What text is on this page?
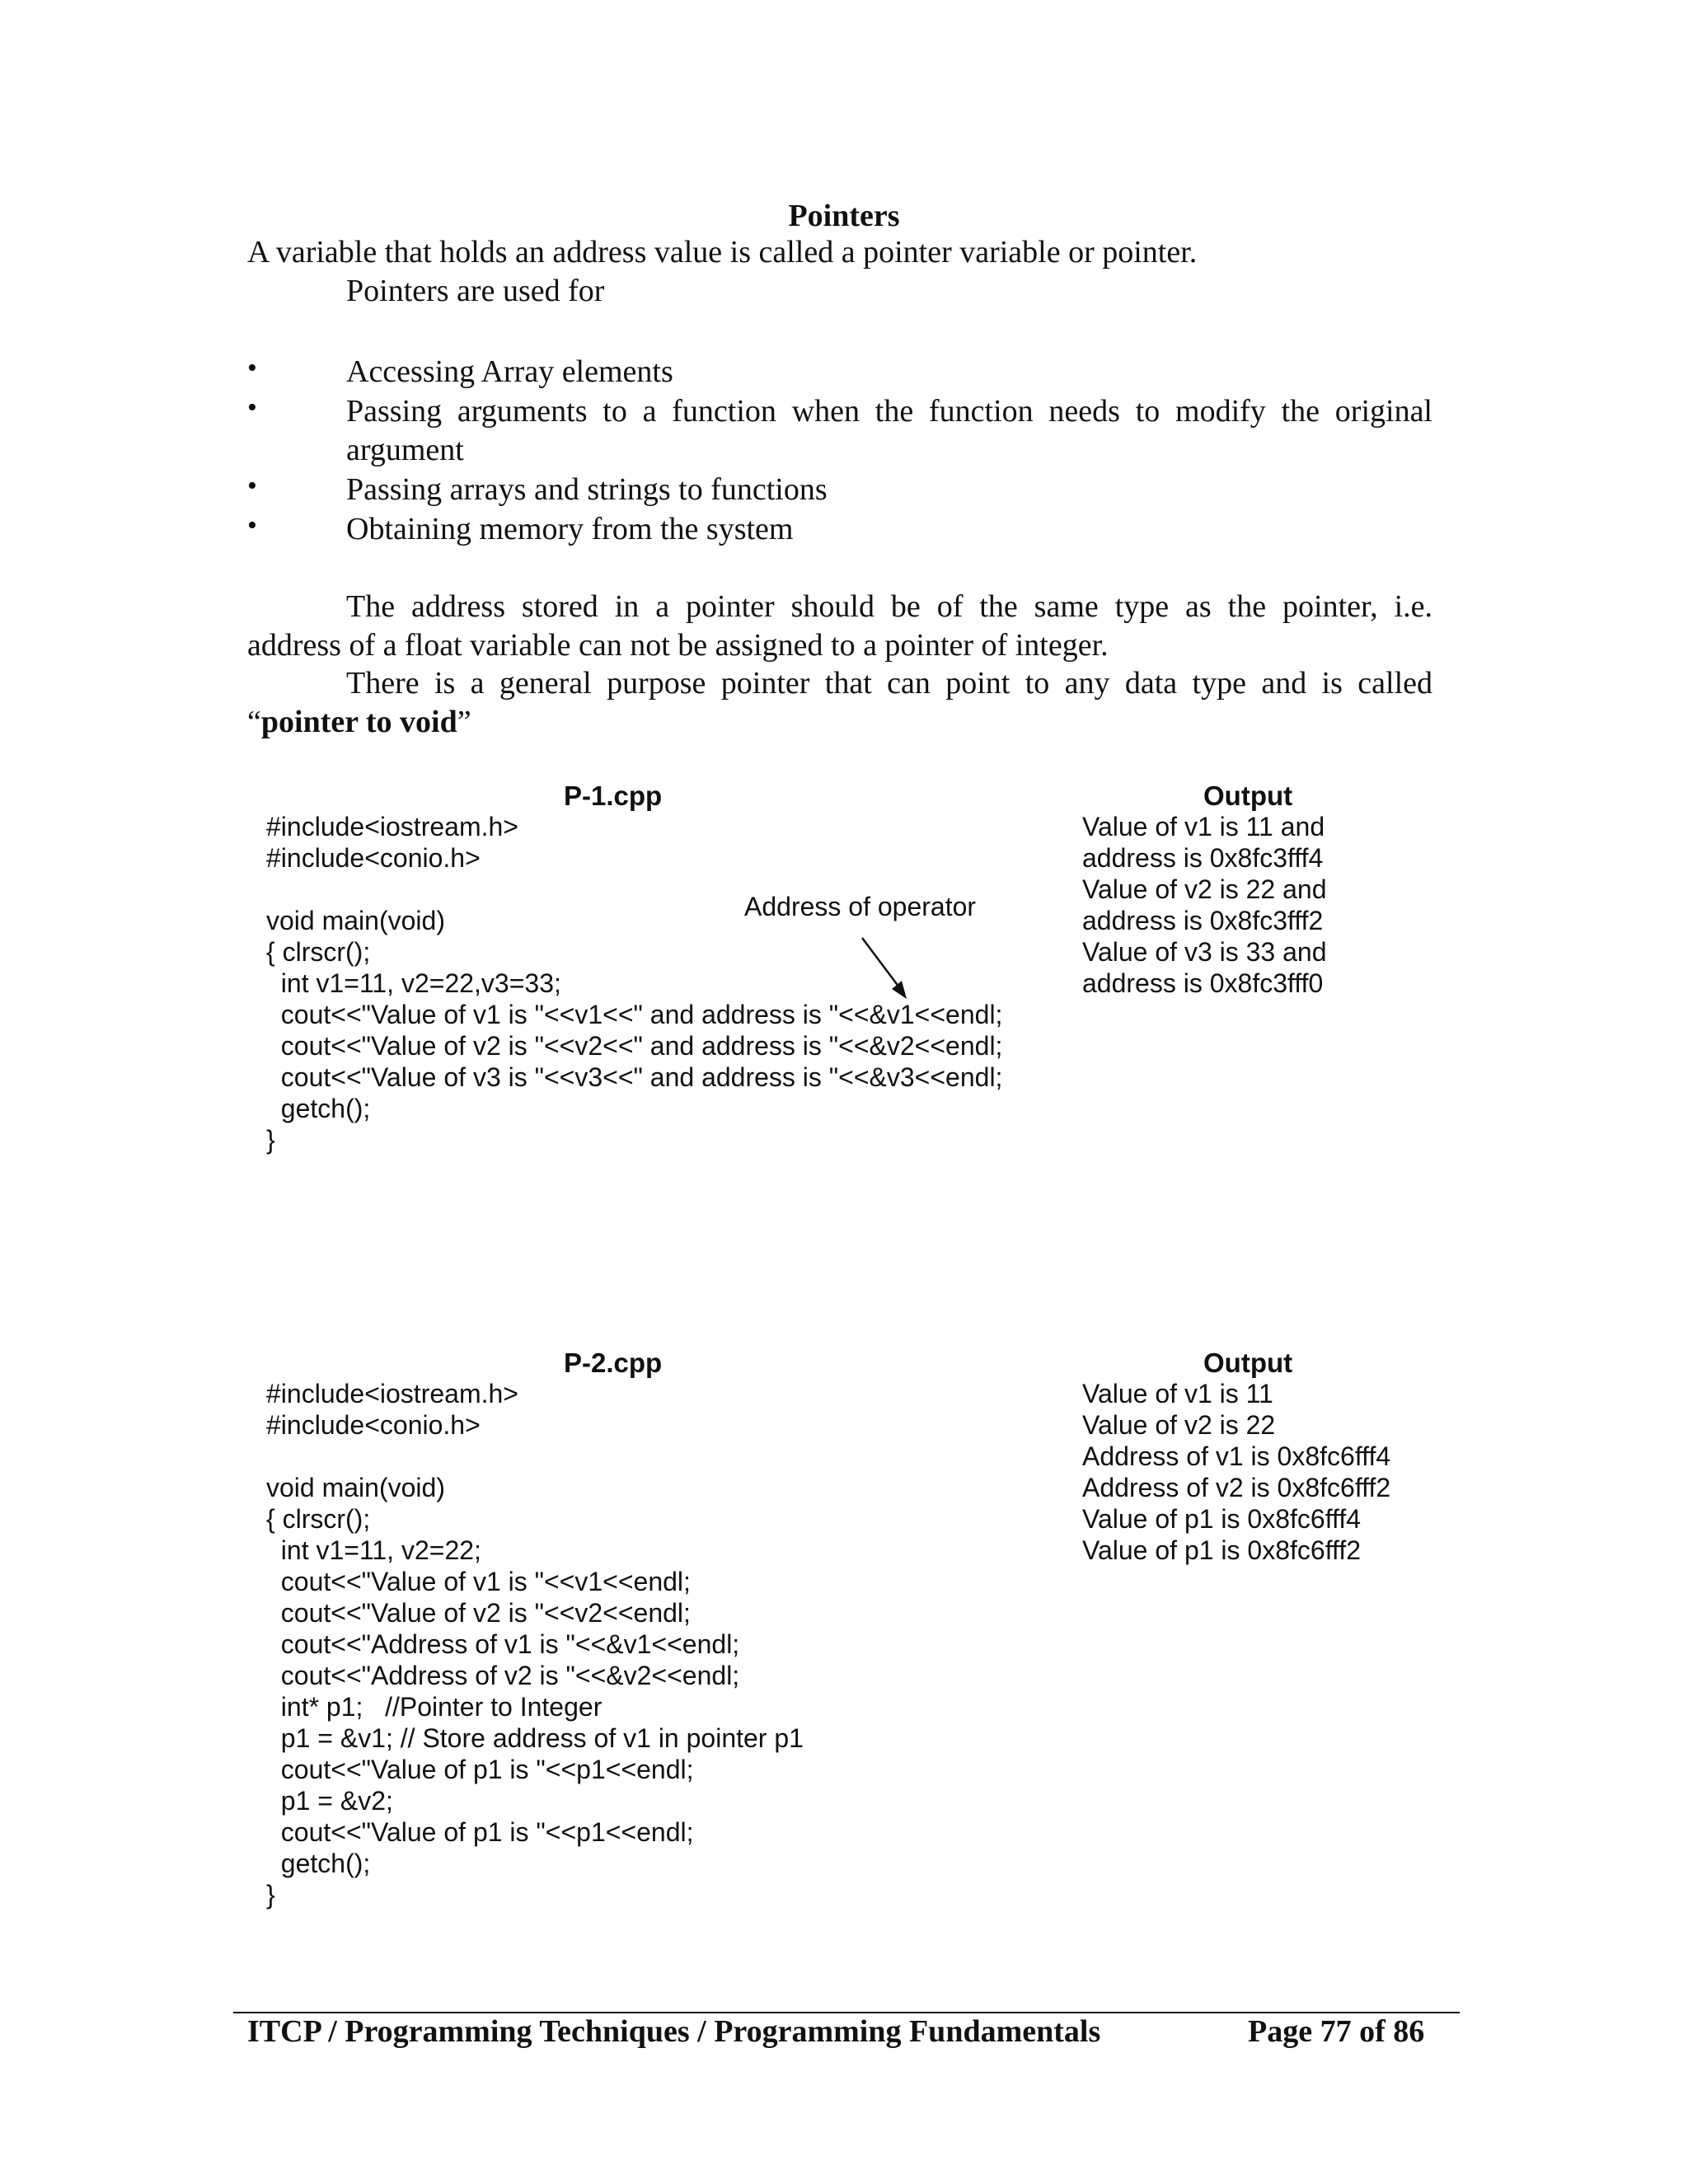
Pointers
A variable that holds an address value is called a pointer variable or pointer.
Pointers are used for
•	Accessing Array elements
•	Passing arguments to a function when the function needs to modify the original
argument
•	Passing arrays and strings to functions
•	Obtaining memory from the system
The address stored in a pointer should be of the same type as the pointer, i.e.
address of a float variable can not be assigned to a pointer of integer.
There is a general purpose pointer that can point to any data type and is called
“pointer to void”
P-1.cpp	Output
#include<iostream.h>
#include<conio.h>
void main(void)
{ clrscr();
int v1=11, v2=22,v3=33;
cout<<"Value of v1 is "<<v1<<" and address is "<<&v1<<endl;
cout<<"Value of v2 is "<<v2<<" and address is "<<&v2<<endl;
cout<<"Value of v3 is "<<v3<<" and address is "<<&v3<<endl;
getch();
}
Address of operator
Value of v1 is 11 and
address is 0x8fc3fff4
Value of v2 is 22 and
address is 0x8fc3fff2
Value of v3 is 33 and
address is 0x8fc3fff0
P-2.cpp	Output
#include<iostream.h>
#include<conio.h>
void main(void)
{ clrscr();
int v1=11, v2=22;
cout<<"Value of v1 is "<<v1<<endl;
cout<<"Value of v2 is "<<v2<<endl;
cout<<"Address of v1 is "<<&v1<<endl;
cout<<"Address of v2 is "<<&v2<<endl;
int* p1;   //Pointer to Integer
p1 = &v1; // Store address of v1 in pointer p1
cout<<"Value of p1 is "<<p1<<endl;
p1 = &v2;
cout<<"Value of p1 is "<<p1<<endl;
getch();
}
Value of v1 is 11
Value of v2 is 22
Address of v1 is 0x8fc6fff4
Address of v2 is 0x8fc6fff2
Value of p1 is 0x8fc6fff4
Value of p1 is 0x8fc6fff2
ITCP / Programming Techniques / Programming Fundamentals	Page 77 of 86
